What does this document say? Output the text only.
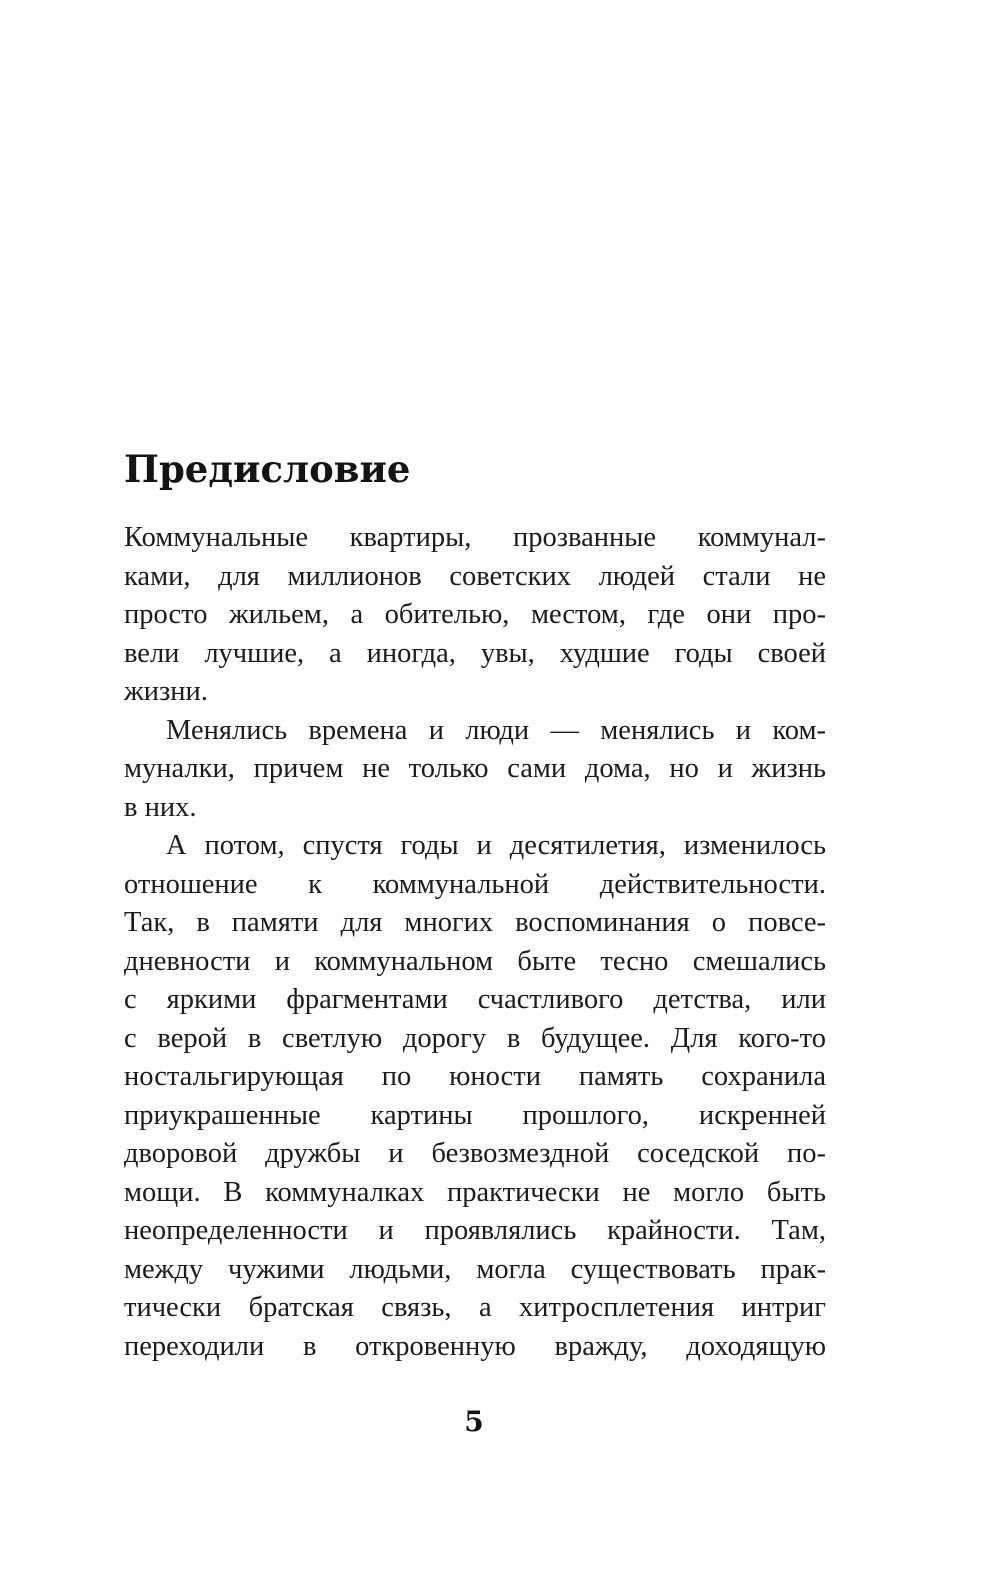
Предисловие
Коммунальные квартиры, прозванные коммунал-
ками, для миллионов советских людей стали не
просто жильем, а обителью, местом, где они про-
вели лучшие, а иногда, увы, худшие годы своей
жизни.
Менялись времена и люди — менялись и ком-
муналки, причем не только сами дома, но и жизнь
в них.
А потом, спустя годы и десятилетия, изменилось
отношение к коммунальной действительности.
Так, в памяти для многих воспоминания о повсе-
дневности и коммунальном быте тесно смешались
с яркими фрагментами счастливого детства, или
с верой в светлую дорогу в будущее. Для кого-то
ностальгирующая по юности память сохранила
приукрашенные картины прошлого, искренней
дворовой дружбы и безвозмездной соседской по-
мощи. В коммуналках практически не могло быть
неопределенности и проявлялись крайности. Там,
между чужими людьми, могла существовать прак-
тически братская связь, а хитросплетения интриг
переходили в откровенную вражду, доходящую
5
